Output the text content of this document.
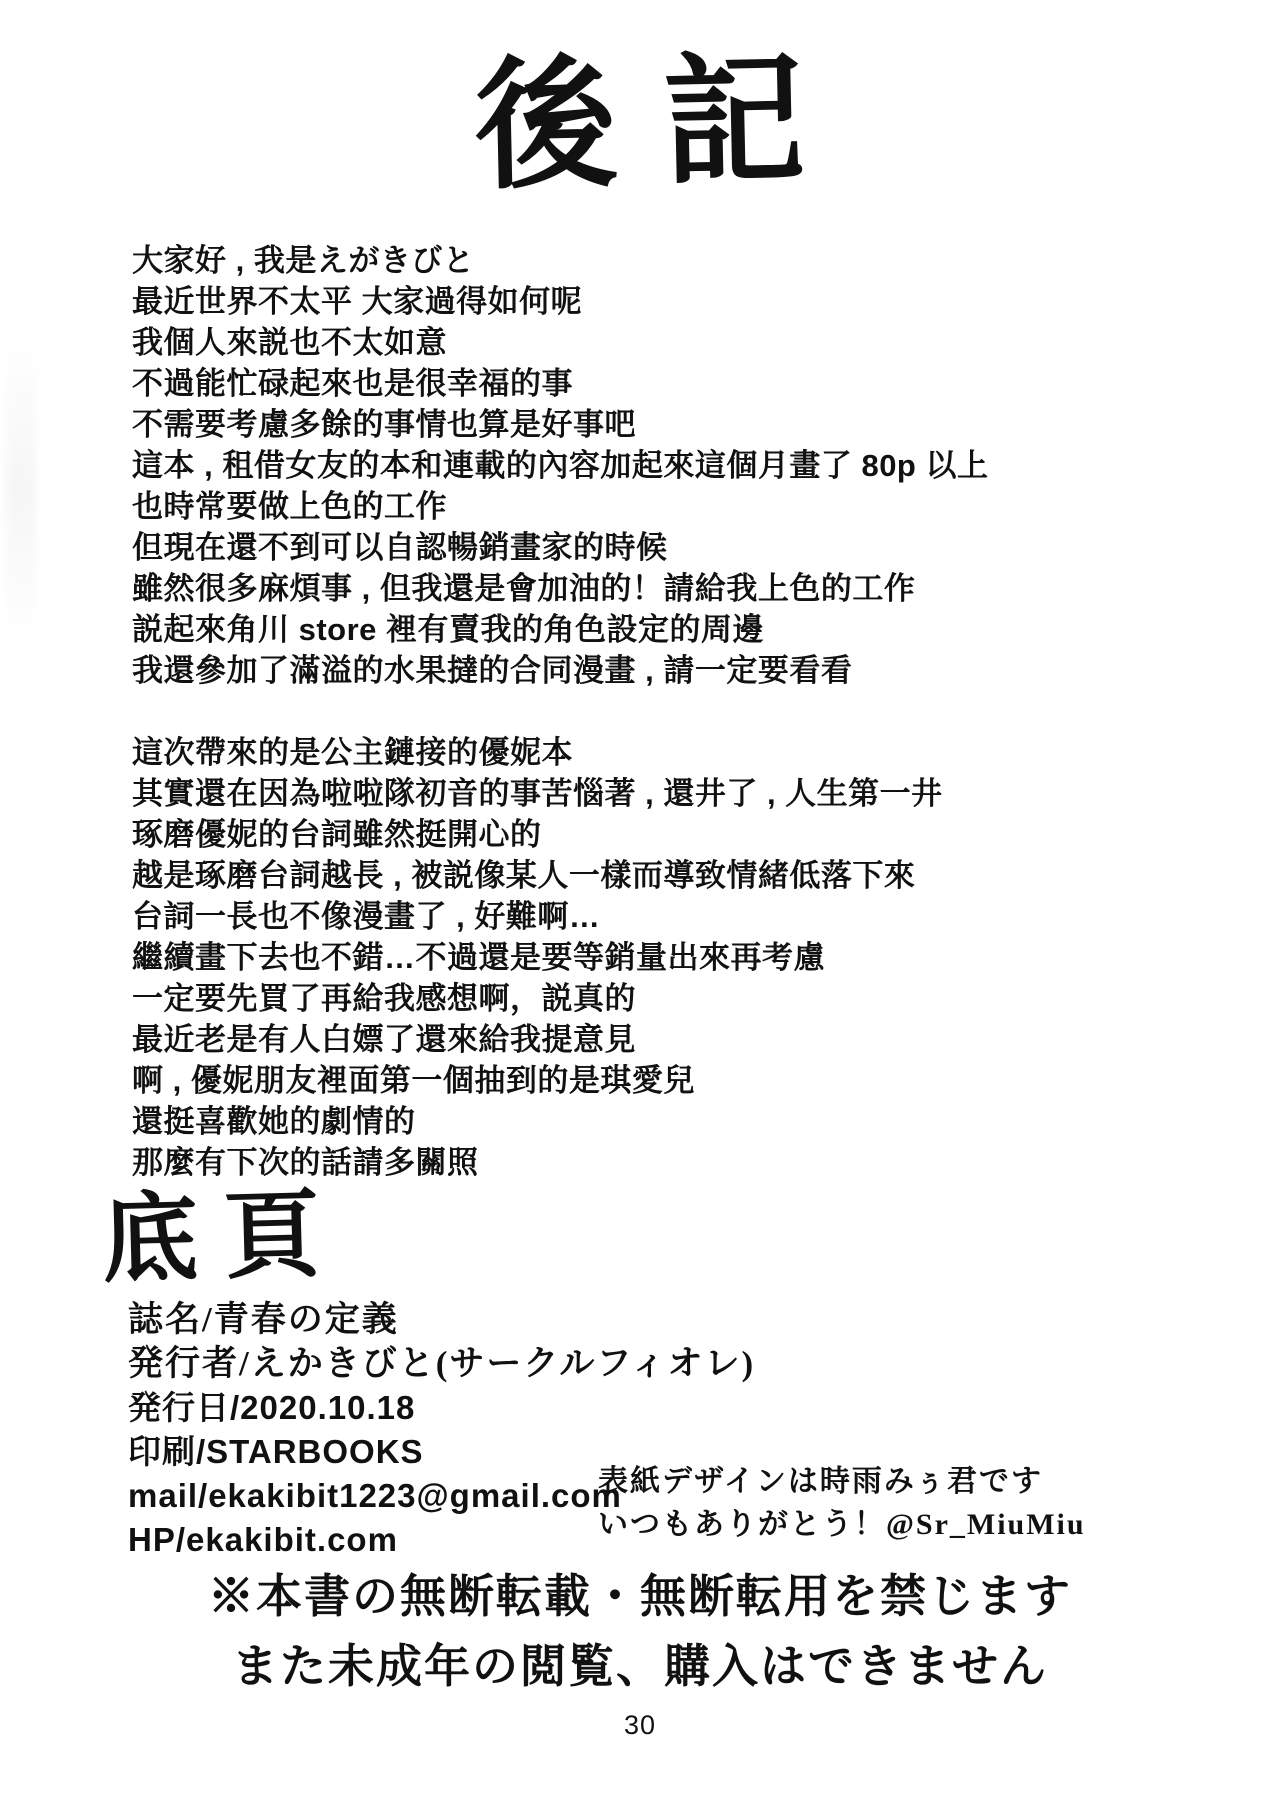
後記
大家好 , 我是えがきびと
最近世界不太平 大家過得如何呢
我個人來説也不太如意
不過能忙碌起來也是很幸福的事
不需要考慮多餘的事情也算是好事吧
這本 , 租借女友的本和連載的內容加起來這個月畫了 80p 以上
也時常要做上色的工作
但現在還不到可以自認暢銷畫家的時候
雖然很多麻煩事 , 但我還是會加油的！請給我上色的工作
説起來角川 store 裡有賣我的角色設定的周邊
我還參加了滿溢的水果撻的合同漫畫 , 請一定要看看
這次帶來的是公主鏈接的優妮本
其實還在因為啦啦隊初音的事苦惱著 , 還井了 , 人生第一井
琢磨優妮的台詞雖然挺開心的
越是琢磨台詞越長 , 被説像某人一樣而導致情緒低落下來
台詞一長也不像漫畫了 , 好難啊…
繼續畫下去也不錯…不過還是要等銷量出來再考慮
一定要先買了再給我感想啊，説真的
最近老是有人白嫖了還來給我提意見
啊 , 優妮朋友裡面第一個抽到的是琪愛兒
還挺喜歡她的劇情的
那麼有下次的話請多關照
底頁
誌名/青春の定義
発行者/えかきびと(サークルフィオレ)
発行日/2020.10.18
印刷/STARBOOKS
mail/ekakibit1223@gmail.com
HP/ekakibit.com
表紙デザインは時雨みぅ君です
いつもありがとう！@Sr_MiuMiu
※本書の無断転載・無断転用を禁じます
また未成年の閲覧、購入はできません
30
